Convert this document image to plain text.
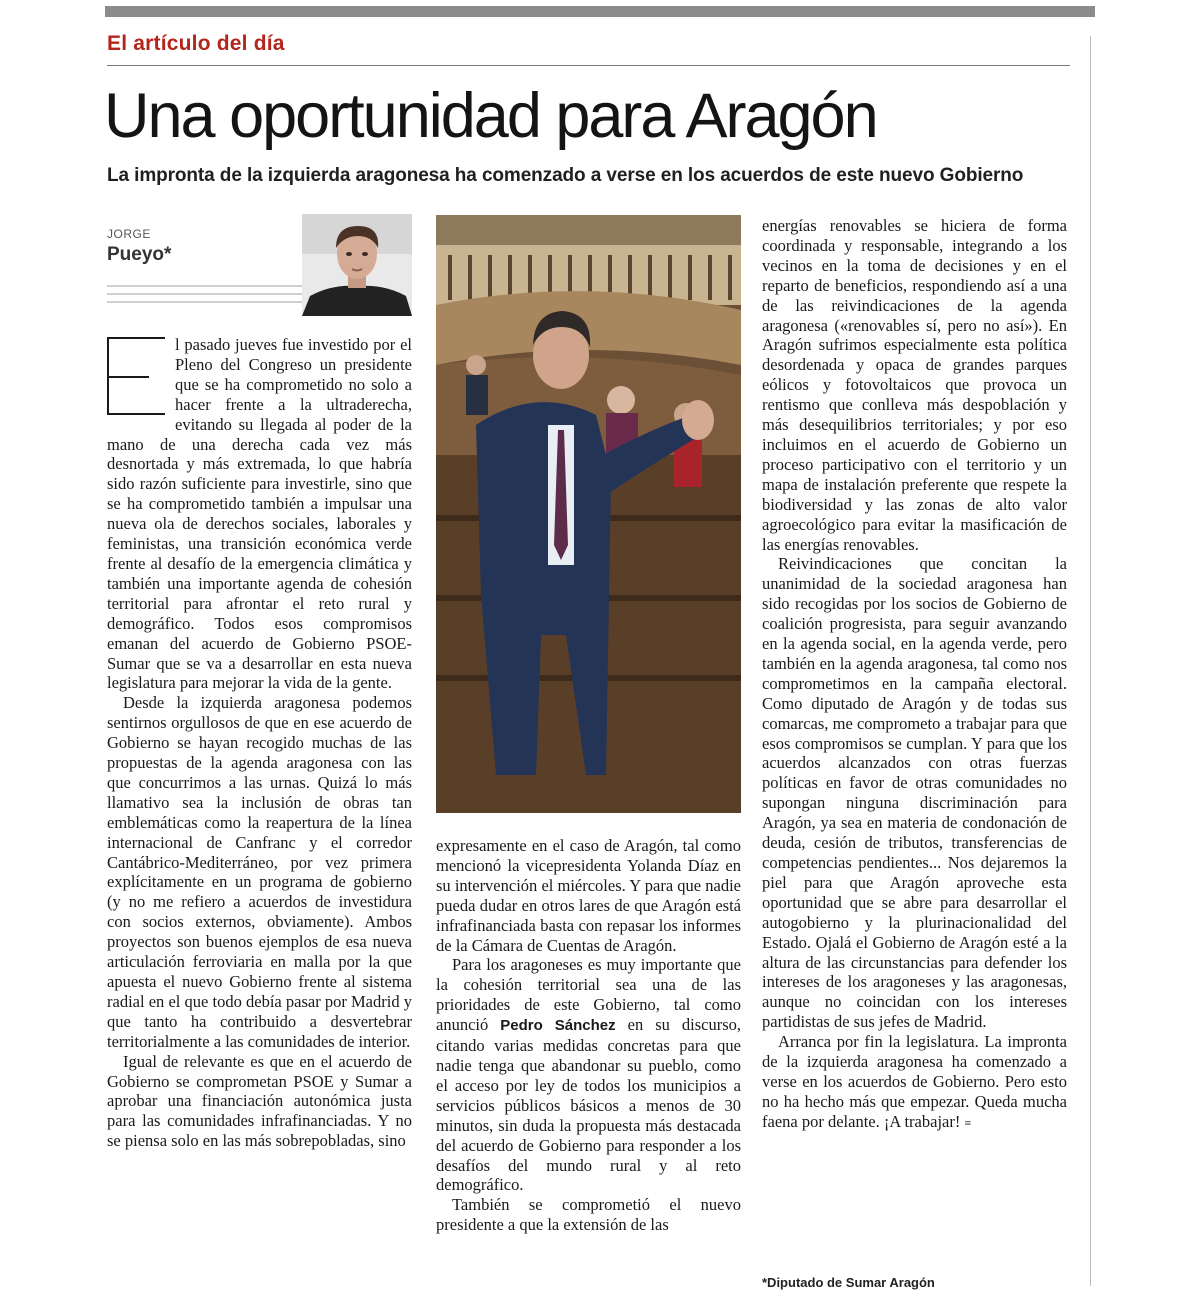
El artículo del día
Una oportunidad para Aragón
La impronta de la izquierda aragonesa ha comenzado a verse en los acuerdos de este nuevo Gobierno
JORGE
Pueyo*

l pasado jueves fue investido por el Pleno del Congreso un presidente que se ha comprometido no solo a hacer frente a la ultraderecha, evitando su llegada al poder de la mano de una derecha cada vez más desnortada y más extremada, lo que habría sido razón suficiente para investirle, sino que se ha comprometido también a impulsar una nueva ola de derechos sociales, laborales y feministas, una transición económica verde frente al desafío de la emergencia climática y también una importante agenda de cohesión territorial para afrontar el reto rural y demográfico. Todos esos compromisos emanan del acuerdo de Gobierno PSOE-Sumar que se va a desarrollar en esta nueva legislatura para mejorar la vida de la gente.

Desde la izquierda aragonesa podemos sentirnos orgullosos de que en ese acuerdo de Gobierno se hayan recogido muchas de las propuestas de la agenda aragonesa con las que concurrimos a las urnas. Quizá lo más llamativo sea la inclusión de obras tan emblemáticas como la reapertura de la línea internacional de Canfranc y el corredor Cantábrico-Mediterráneo, por vez primera explícitamente en un programa de gobierno (y no me refiero a acuerdos de investidura con socios externos, obviamente). Ambos proyectos son buenos ejemplos de esa nueva articulación ferroviaria en malla por la que apuesta el nuevo Gobierno frente al sistema radial en el que todo debía pasar por Madrid y que tanto ha contribuido a desvertebrar territorialmente a las comunidades de interior.

Igual de relevante es que en el acuerdo de Gobierno se comprometan PSOE y Sumar a aprobar una financiación autonómica justa para las comunidades infrafinanciadas. Y no se piensa solo en las más sobrepobladas, sino

expresamente en el caso de Aragón, tal como mencionó la vicepresidenta Yolanda Díaz en su intervención el miércoles. Y para que nadie pueda dudar en otros lares de que Aragón está infrafinanciada basta con repasar los informes de la Cámara de Cuentas de Aragón.

Para los aragoneses es muy importante que la cohesión territorial sea una de las prioridades de este Gobierno, tal como anunció Pedro Sánchez en su discurso, citando varias medidas concretas para que nadie tenga que abandonar su pueblo, como el acceso por ley de todos los municipios a servicios públicos básicos a menos de 30 minutos, sin duda la propuesta más destacada del acuerdo de Gobierno para responder a los desafíos del mundo rural y al reto demográfico.

También se comprometió el nuevo presidente a que la extensión de las

energías renovables se hiciera de forma coordinada y responsable, integrando a los vecinos en la toma de decisiones y en el reparto de beneficios, respondiendo así a una de las reivindicaciones de la agenda aragonesa («renovables sí, pero no así»). En Aragón sufrimos especialmente esta política desordenada y opaca de grandes parques eólicos y fotovoltaicos que provoca un rentismo que conlleva más despoblación y más desequilibrios territoriales; y por eso incluimos en el acuerdo de Gobierno un proceso participativo con el territorio y un mapa de instalación preferente que respete la biodiversidad y las zonas de alto valor agroecológico para evitar la masificación de las energías renovables.

Reivindicaciones que concitan la unanimidad de la sociedad aragonesa han sido recogidas por los socios de Gobierno de coalición progresista, para seguir avanzando en la agenda social, en la agenda verde, pero también en la agenda aragonesa, tal como nos comprometimos en la campaña electoral. Como diputado de Aragón y de todas sus comarcas, me comprometo a trabajar para que esos compromisos se cumplan. Y para que los acuerdos alcanzados con otras fuerzas políticas en favor de otras comunidades no supongan ninguna discriminación para Aragón, ya sea en materia de condonación de deuda, cesión de tributos, transferencias de competencias pendientes... Nos dejaremos la piel para que Aragón aproveche esta oportunidad que se abre para desarrollar el autogobierno y la plurinacionalidad del Estado. Ojalá el Gobierno de Aragón esté a la altura de las circunstancias para defender los intereses de los aragoneses y las aragonesas, aunque no coincidan con los intereses partidistas de sus jefes de Madrid.

Arranca por fin la legislatura. La impronta de la izquierda aragonesa ha comenzado a verse en los acuerdos de Gobierno. Pero esto no ha hecho más que empezar. Queda mucha faena por delante. ¡A trabajar! ≡

*Diputado de Sumar Aragón
